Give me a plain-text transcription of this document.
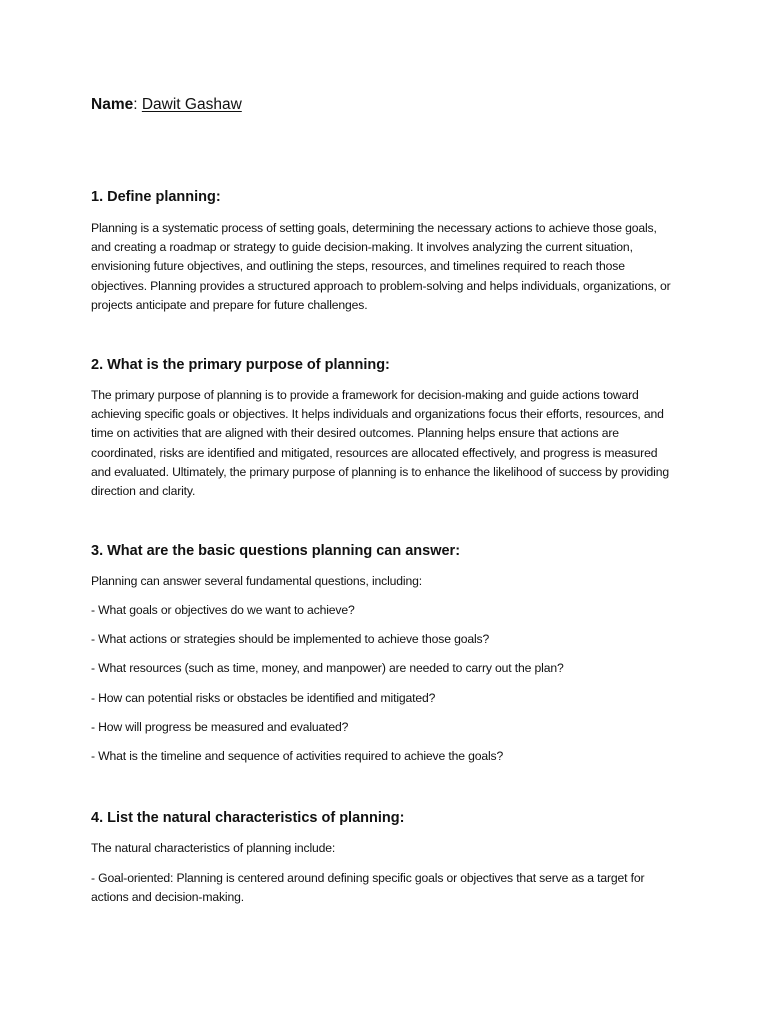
Name: Dawit Gashaw
1. Define planning:

Planning is a systematic process of setting goals, determining the necessary actions to achieve those goals, and creating a roadmap or strategy to guide decision-making. It involves analyzing the current situation, envisioning future objectives, and outlining the steps, resources, and timelines required to reach those objectives. Planning provides a structured approach to problem-solving and helps individuals, organizations, or projects anticipate and prepare for future challenges.

2. What is the primary purpose of planning:

The primary purpose of planning is to provide a framework for decision-making and guide actions toward achieving specific goals or objectives. It helps individuals and organizations focus their efforts, resources, and time on activities that are aligned with their desired outcomes. Planning helps ensure that actions are coordinated, risks are identified and mitigated, resources are allocated effectively, and progress is measured and evaluated. Ultimately, the primary purpose of planning is to enhance the likelihood of success by providing direction and clarity.

3. What are the basic questions planning can answer:

Planning can answer several fundamental questions, including:

- What goals or objectives do we want to achieve?

- What actions or strategies should be implemented to achieve those goals?

- What resources (such as time, money, and manpower) are needed to carry out the plan?

- How can potential risks or obstacles be identified and mitigated?

- How will progress be measured and evaluated?

- What is the timeline and sequence of activities required to achieve the goals?

4. List the natural characteristics of planning:

The natural characteristics of planning include:

- Goal-oriented: Planning is centered around defining specific goals or objectives that serve as a target for actions and decision-making.
